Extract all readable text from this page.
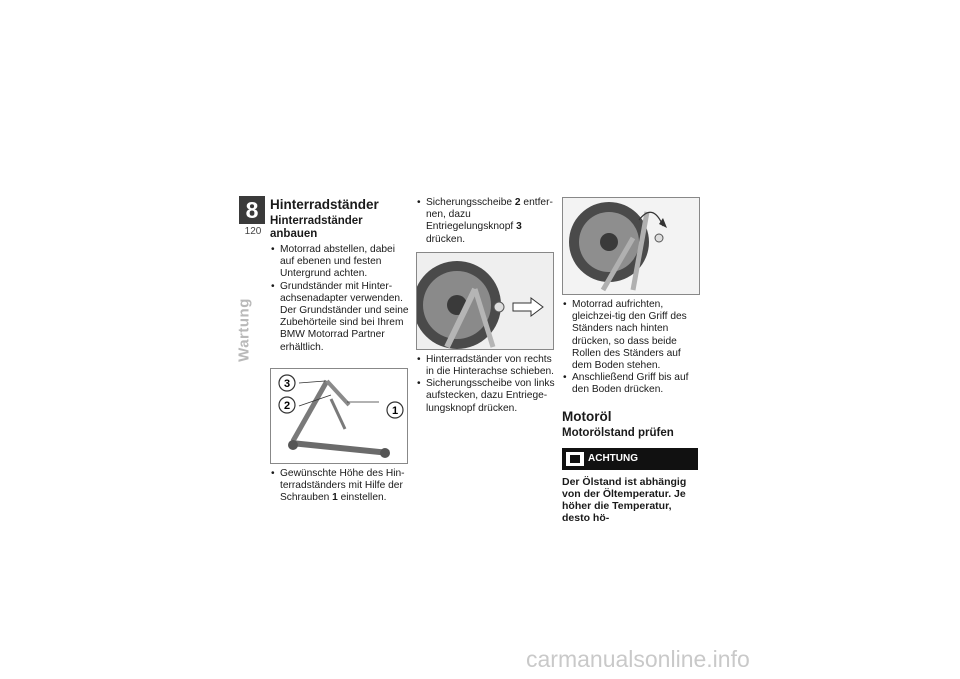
8
120
Wartung
Hinterradständer
Hinterradständer anbauen
• Motorrad abstellen, dabei auf ebenen und festen Untergrund achten.
• Grundständer mit Hinter-achsenadapter verwenden. Der Grundständer und seine Zubehörteile sind bei Ihrem BMW Motorrad Partner erhältlich.
3
2	1
• Gewünschte Höhe des Hin-terradständers mit Hilfe der Schrauben 1 einstellen.
• Sicherungsscheibe 2 entfer-nen, dazu Entriegelungsknopf 3 drücken.
• Hinterradständer von rechts in die Hinterachse schieben.
• Sicherungsscheibe von links aufstecken, dazu Entriege-lungsknopf drücken.
• Motorrad aufrichten, gleichzei-tig den Griff des Ständers nach hinten drücken, so dass beide Rollen des Ständers auf dem Boden stehen.
• Anschließend Griff bis auf den Boden drücken.
Motoröl
Motorölstand prüfen
ACHTUNG
Der Ölstand ist abhängig von der Öltemperatur. Je höher die Temperatur, desto hö-
carmanualsonline.info
